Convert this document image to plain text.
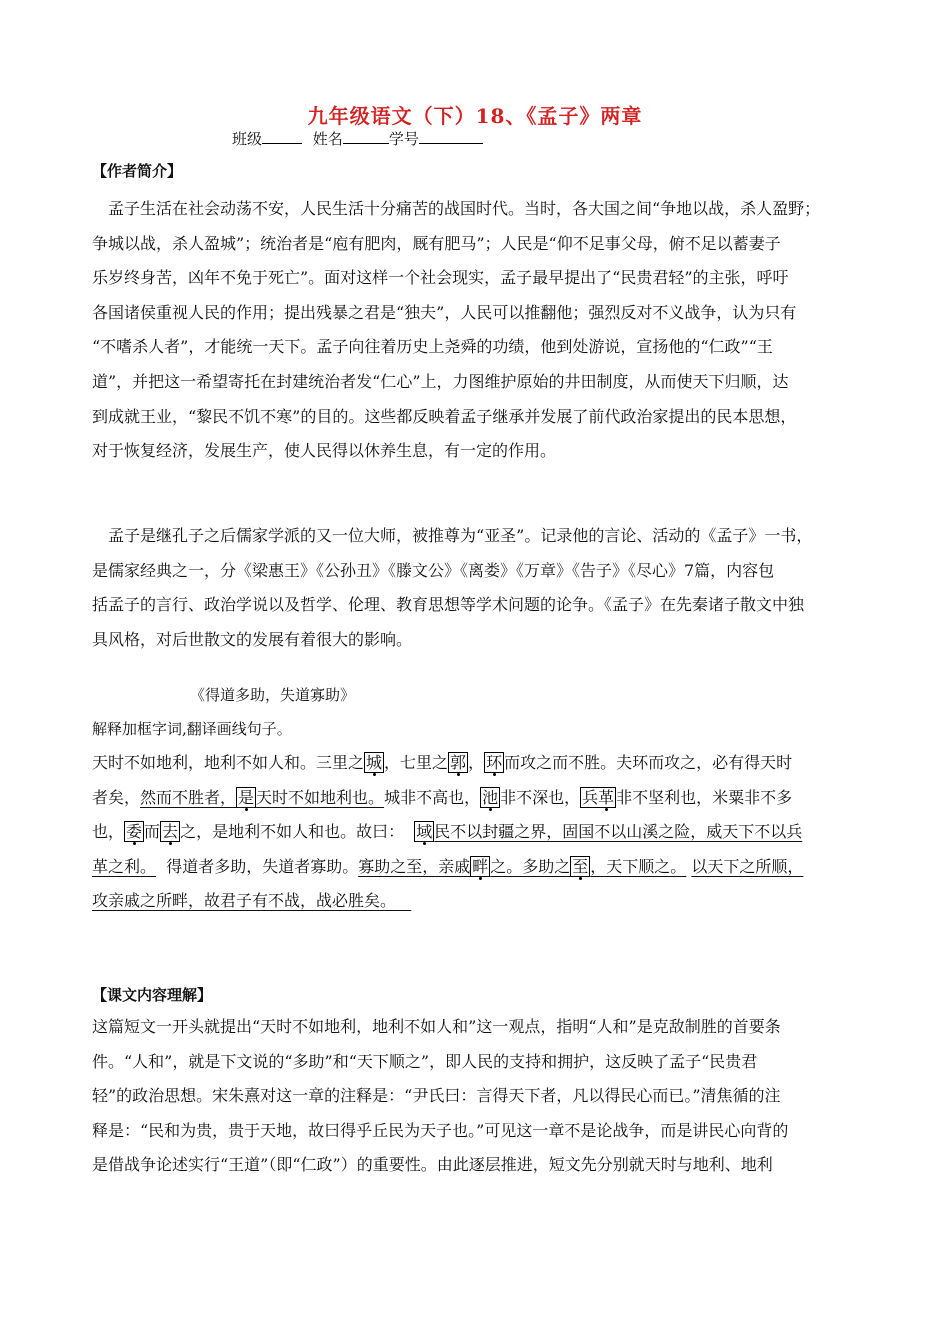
九年级语文（下）18、《孟子》两章
班级	姓名	学号
【作者简介】
孟子生活在社会动荡不安，人民生活十分痛苦的战国时代。当时，各大国之间“争地以战，杀人盈野；
争城以战，杀人盈城”；统治者是“庖有肥肉，厩有肥马”；人民是“仰不足事父母，俯不足以蓄妻子
乐岁终身苦，凶年不免于死亡”。面对这样一个社会现实，孟子最早提出了“民贵君轻”的主张，呼吁
各国诸侯重视人民的作用；提出残暴之君是“独夫”，人民可以推翻他；强烈反对不义战争，认为只有
“不嗜杀人者”，才能统一天下。孟子向往着历史上尧舜的功绩，他到处游说，宣扬他的“仁政”“王
道”，并把这一希望寄托在封建统治者发“仁心”上，力图维护原始的井田制度，从而使天下归顺，达
到成就王业，“黎民不饥不寒”的目的。这些都反映着孟子继承并发展了前代政治家提出的民本思想，
对于恢复经济，发展生产，使人民得以休养生息，有一定的作用。
孟子是继孔子之后儒家学派的又一位大师，被推尊为“亚圣”。记录他的言论、活动的《孟子》一书，
是儒家经典之一，分《梁惠王》《公孙丑》《滕文公》《离娄》《万章》《告子》《尽心》7篇，内容包
括孟子的言行、政治学说以及哲学、伦理、教育思想等学术问题的论争。《孟子》在先秦诸子散文中独
具风格，对后世散文的发展有着很大的影响。
《得道多助，失道寡助》
解释加框字词,翻译画线句子。
天时不如地利，地利不如人和。三里之 城 ，七里之 郭 ， 环 而攻之而不胜。夫环而攻之，必有得天时
者矣，然而不胜者， 是 天时不如地利也。城非不高也， 池 非不深也， 兵革 非不坚利也，米粟非不多
也， 委 而 去 之，是地利不如人和也。故曰：  域 民不以封疆之界，固国不以山溪之险，威天下不以兵
革之利。  得道者多助，失道者寡助。寡助之至，亲戚 畔 之。多助之 至 ，天下顺之。 以天下之所顺，
攻亲戚之所畔，故君子有不战，战必胜矣。
【课文内容理解】
这篇短文一开头就提出“天时不如地利，地利不如人和”这一观点，指明“人和”是克敌制胜的首要条
件。“人和”，就是下文说的“多助”和“天下顺之”，即人民的支持和拥护，这反映了孟子“民贵君
轻”的政治思想。宋朱熹对这一章的注释是：“尹氏曰：言得天下者，凡以得民心而已。”清焦循的注
释是：“民和为贵，贵于天地，故曰得乎丘民为天子也。”可见这一章不是论战争，而是讲民心向背的
是借战争论述实行“王道”（即“仁政”）的重要性。由此逐层推进，短文先分别就天时与地利、地利
